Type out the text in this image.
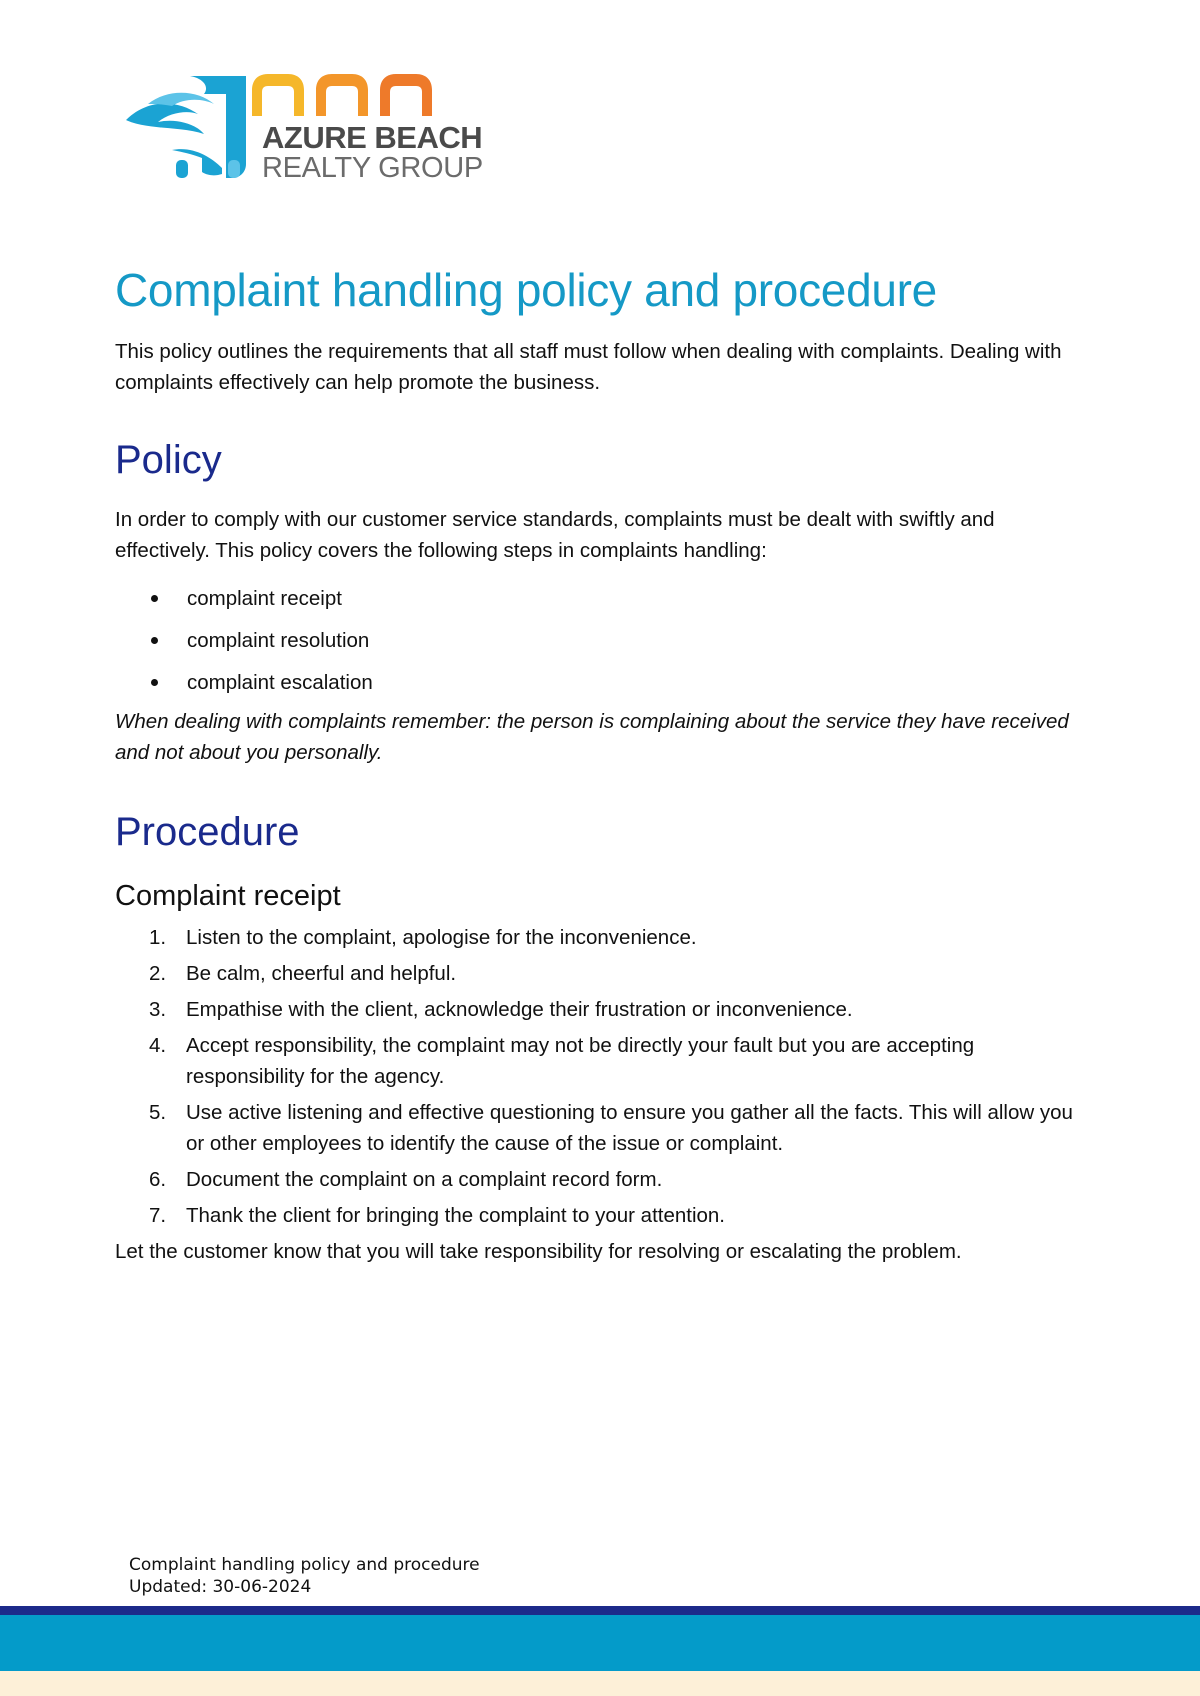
AZURE BEACH
REALTY GROUP
Complaint handling policy and procedure

This policy outlines the requirements that all staff must follow when dealing with complaints. Dealing with complaints effectively can help promote the business.

Policy

In order to comply with our customer service standards, complaints must be dealt with swiftly and effectively. This policy covers the following steps in complaints handling:

complaint receipt
complaint resolution
complaint escalation

When dealing with complaints remember: the person is complaining about the service they have received and not about you personally.

Procedure
Complaint receipt
1. Listen to the complaint, apologise for the inconvenience.
2. Be calm, cheerful and helpful.
3. Empathise with the client, acknowledge their frustration or inconvenience.
4. Accept responsibility, the complaint may not be directly your fault but you are accepting responsibility for the agency.
5. Use active listening and effective questioning to ensure you gather all the facts. This will allow you or other employees to identify the cause of the issue or complaint.
6. Document the complaint on a complaint record form.
7. Thank the client for bringing the complaint to your attention.

Let the customer know that you will take responsibility for resolving or escalating the problem.

Complaint handling policy and procedure
Updated: 30-06-2024
